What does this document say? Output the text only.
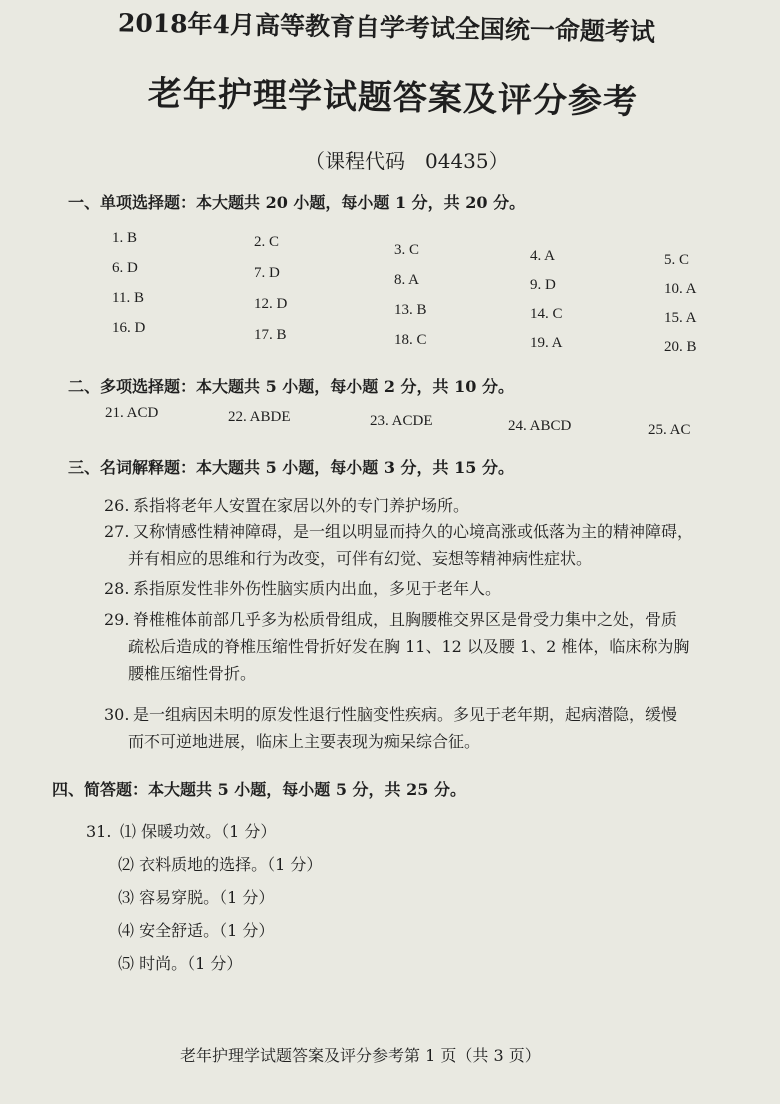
2018年4月高等教育自学考试全国统一命题考试
老年护理学试题答案及评分参考
（课程代码　04435）
一、单项选择题：本大题共 20 小题，每小题 1 分，共 20 分。
1. B	2. C	3. C	4. A	5. C
6. D	7. D	8. A	9. D	10. A
11. B	12. D	13. B	14. C	15. A
16. D	17. B	18. C	19. A	20. B
二、多项选择题：本大题共 5 小题，每小题 2 分，共 10 分。
21. ACD	22. ABDE	23. ACDE	24. ABCD	25. AC
三、名词解释题：本大题共 5 小题，每小题 3 分，共 15 分。
26. 系指将老年人安置在家居以外的专门养护场所。
27. 又称情感性精神障碍，是一组以明显而持久的心境高涨或低落为主的精神障碍，
并有相应的思维和行为改变，可伴有幻觉、妄想等精神病性症状。
28. 系指原发性非外伤性脑实质内出血，多见于老年人。
29. 脊椎椎体前部几乎多为松质骨组成，且胸腰椎交界区是骨受力集中之处，骨质
疏松后造成的脊椎压缩性骨折好发在胸 11、12 以及腰 1、2 椎体，临床称为胸
腰椎压缩性骨折。
30. 是一组病因未明的原发性退行性脑变性疾病。多见于老年期，起病潜隐，缓慢
而不可逆地进展，临床上主要表现为痴呆综合征。
四、简答题：本大题共 5 小题，每小题 5 分，共 25 分。
31. ⑴ 保暖功效。（1 分）
⑵ 衣料质地的选择。（1 分）
⑶ 容易穿脱。（1 分）
⑷ 安全舒适。（1 分）
⑸ 时尚。（1 分）
老年护理学试题答案及评分参考第 1 页（共 3 页）
